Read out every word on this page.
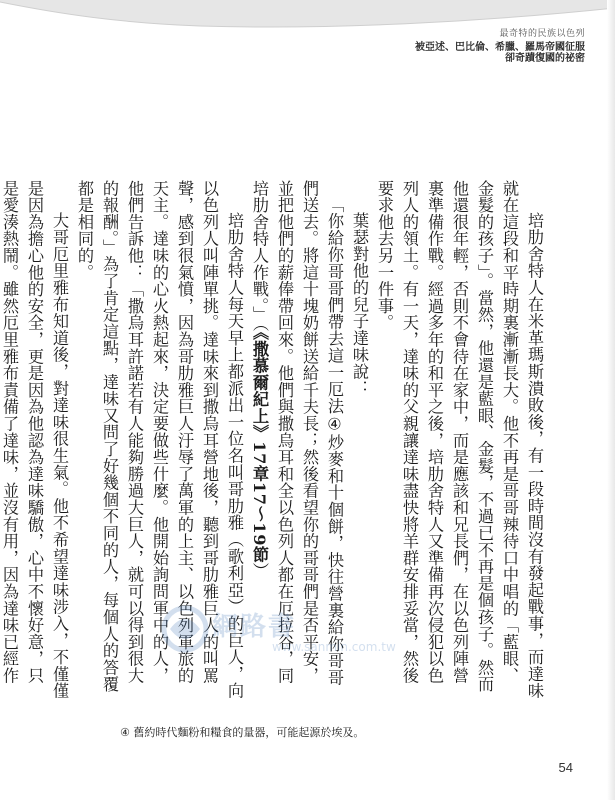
最奇特的民族以色列
被亞述、巴比倫、希臘、羅馬帝國征服
卻奇蹟復國的祕密

培肋舍特人在米革瑪斯潰敗後，有一段時間沒有發起戰事，而達味就在這段和平時期裏漸漸長大。他不再是哥哥辣待口中唱的「藍眼、金髮的孩子」。當然，他還是藍眼、金髮，不過已不再是個孩子。然而他還很年輕，否則不會待在家中，而是應該和兄長們，在以色列陣營裏準備作戰。經過多年的和平之後，培肋舍特人又準備再次侵犯以色列人的領土。有一天，達味的父親讓達味盡快將羊群安排妥當，然後要求他去另一件事。

葉瑟對他的兒子達味說：

「你給你哥哥們帶去這一厄法④炒麥和十個餅，快往營裏給你哥哥們送去。將這十塊奶餅送給千夫長；然後看望你的哥哥們是否平安，並把他們的薪俸帶回來。他們與撒烏耳和全以色列人都在厄拉谷，同培肋舍特人作戰。」（《撒慕爾紀上》17章17～19節）

培肋舍特人每天早上都派出一位名叫哥肋雅（歌利亞）的巨人，向以色列人叫陣單挑。達味來到撒烏耳營地後，聽到哥肋雅巨人的叫罵聲，感到很氣憤，因為哥肋雅巨人汙辱了萬軍的上主、以色列軍旅的天主。達味的心火熱起來，決定要做些什麼。他開始詢問軍中的人，他們告訴他：「撒烏耳許諾若有人能夠勝過大巨人，就可以得到很大的報酬。」為了肯定這點，達味又問了好幾個不同的人，每個人的答覆都是相同的。

大哥厄里雅布知道後，對達味很生氣。他不希望達味涉入，不僅僅是因為擔心他的安全，更是因為他認為達味驕傲，心中不懷好意，只是愛湊熱鬧。雖然厄里雅布責備了達味，並沒有用，因為達味已經作

網路書
www.sanmin.com.tw
④ 舊約時代麵粉和糧食的量器，可能起源於埃及。
54
